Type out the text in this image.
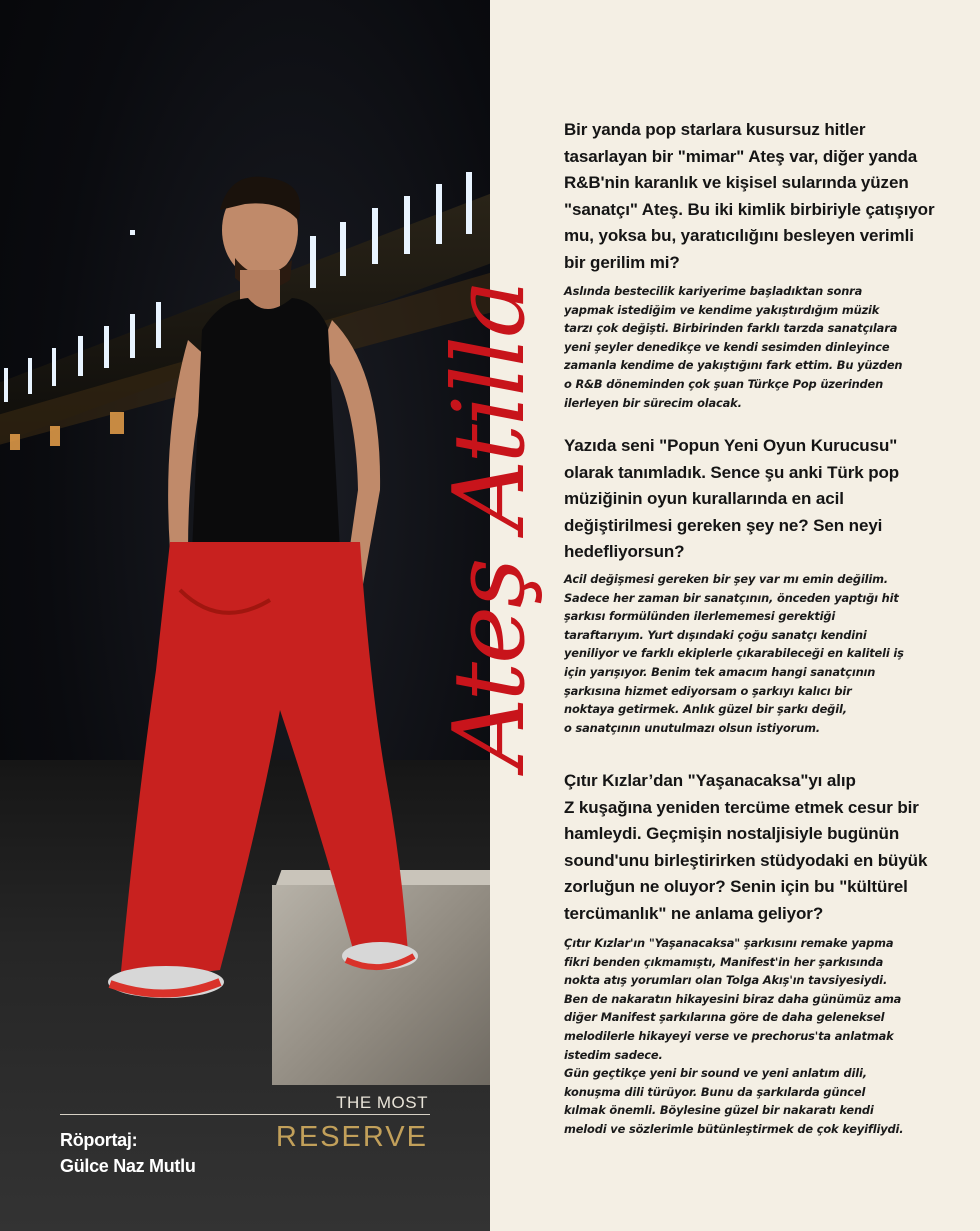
THE MOST
RESERVE
Röportaj:
Gülce Naz Mutlu
Ateş Atilla
Bir yanda pop starlara kusursuz hitler
tasarlayan bir "mimar" Ateş var, diğer yanda
R&B'nin karanlık ve kişisel sularında yüzen
"sanatçı" Ateş. Bu iki kimlik birbiriyle çatışıyor
mu, yoksa bu, yaratıcılığını besleyen verimli
bir gerilim mi?
Aslında bestecilik kariyerime başladıktan sonra
yapmak istediğim ve kendime yakıştırdığım müzik
tarzı çok değişti. Birbirinden farklı tarzda sanatçılara
yeni şeyler denedikçe ve kendi sesimden dinleyince
zamanla kendime de yakıştığını fark ettim. Bu yüzden
o R&B döneminden çok şuan Türkçe Pop üzerinden
ilerleyen bir sürecim olacak.
Yazıda seni "Popun Yeni Oyun Kurucusu"
olarak tanımladık. Sence şu anki Türk pop
müziğinin oyun kurallarında en acil
değiştirilmesi gereken şey ne? Sen neyi
hedefliyorsun?
Acil değişmesi gereken bir şey var mı emin değilim.
Sadece her zaman bir sanatçının, önceden yaptığı hit
şarkısı formülünden ilerlememesi gerektiği
taraftarıyım. Yurt dışındaki çoğu sanatçı kendini
yeniliyor ve farklı ekiplerle çıkarabileceği en kaliteli iş
için yarışıyor. Benim tek amacım hangi sanatçının
şarkısına hizmet ediyorsam o şarkıyı kalıcı bir
noktaya getirmek. Anlık güzel bir şarkı değil,
o sanatçının unutulmazı olsun istiyorum.
Çıtır Kızlar’dan "Yaşanacaksa"yı alıp
Z kuşağına yeniden tercüme etmek cesur bir
hamleydi. Geçmişin nostaljisiyle bugünün
sound'unu birleştirirken stüdyodaki en büyük
zorluğun ne oluyor? Senin için bu "kültürel
tercümanlık" ne anlama geliyor?
Çıtır Kızlar'ın "Yaşanacaksa" şarkısını remake yapma
fikri benden çıkmamıştı, Manifest'in her şarkısında
nokta atış yorumları olan Tolga Akış'ın tavsiyesiydi.
Ben de nakaratın hikayesini biraz daha günümüz ama
diğer Manifest şarkılarına göre de daha geleneksel
melodilerle hikayeyi verse ve prechorus'ta anlatmak
istedim sadece.
Gün geçtikçe yeni bir sound ve yeni anlatım dili,
konuşma dili türüyor. Bunu da şarkılarda güncel
kılmak önemli. Böylesine güzel bir nakaratı kendi
melodi ve sözlerimle bütünleştirmek de çok keyifliydi.
